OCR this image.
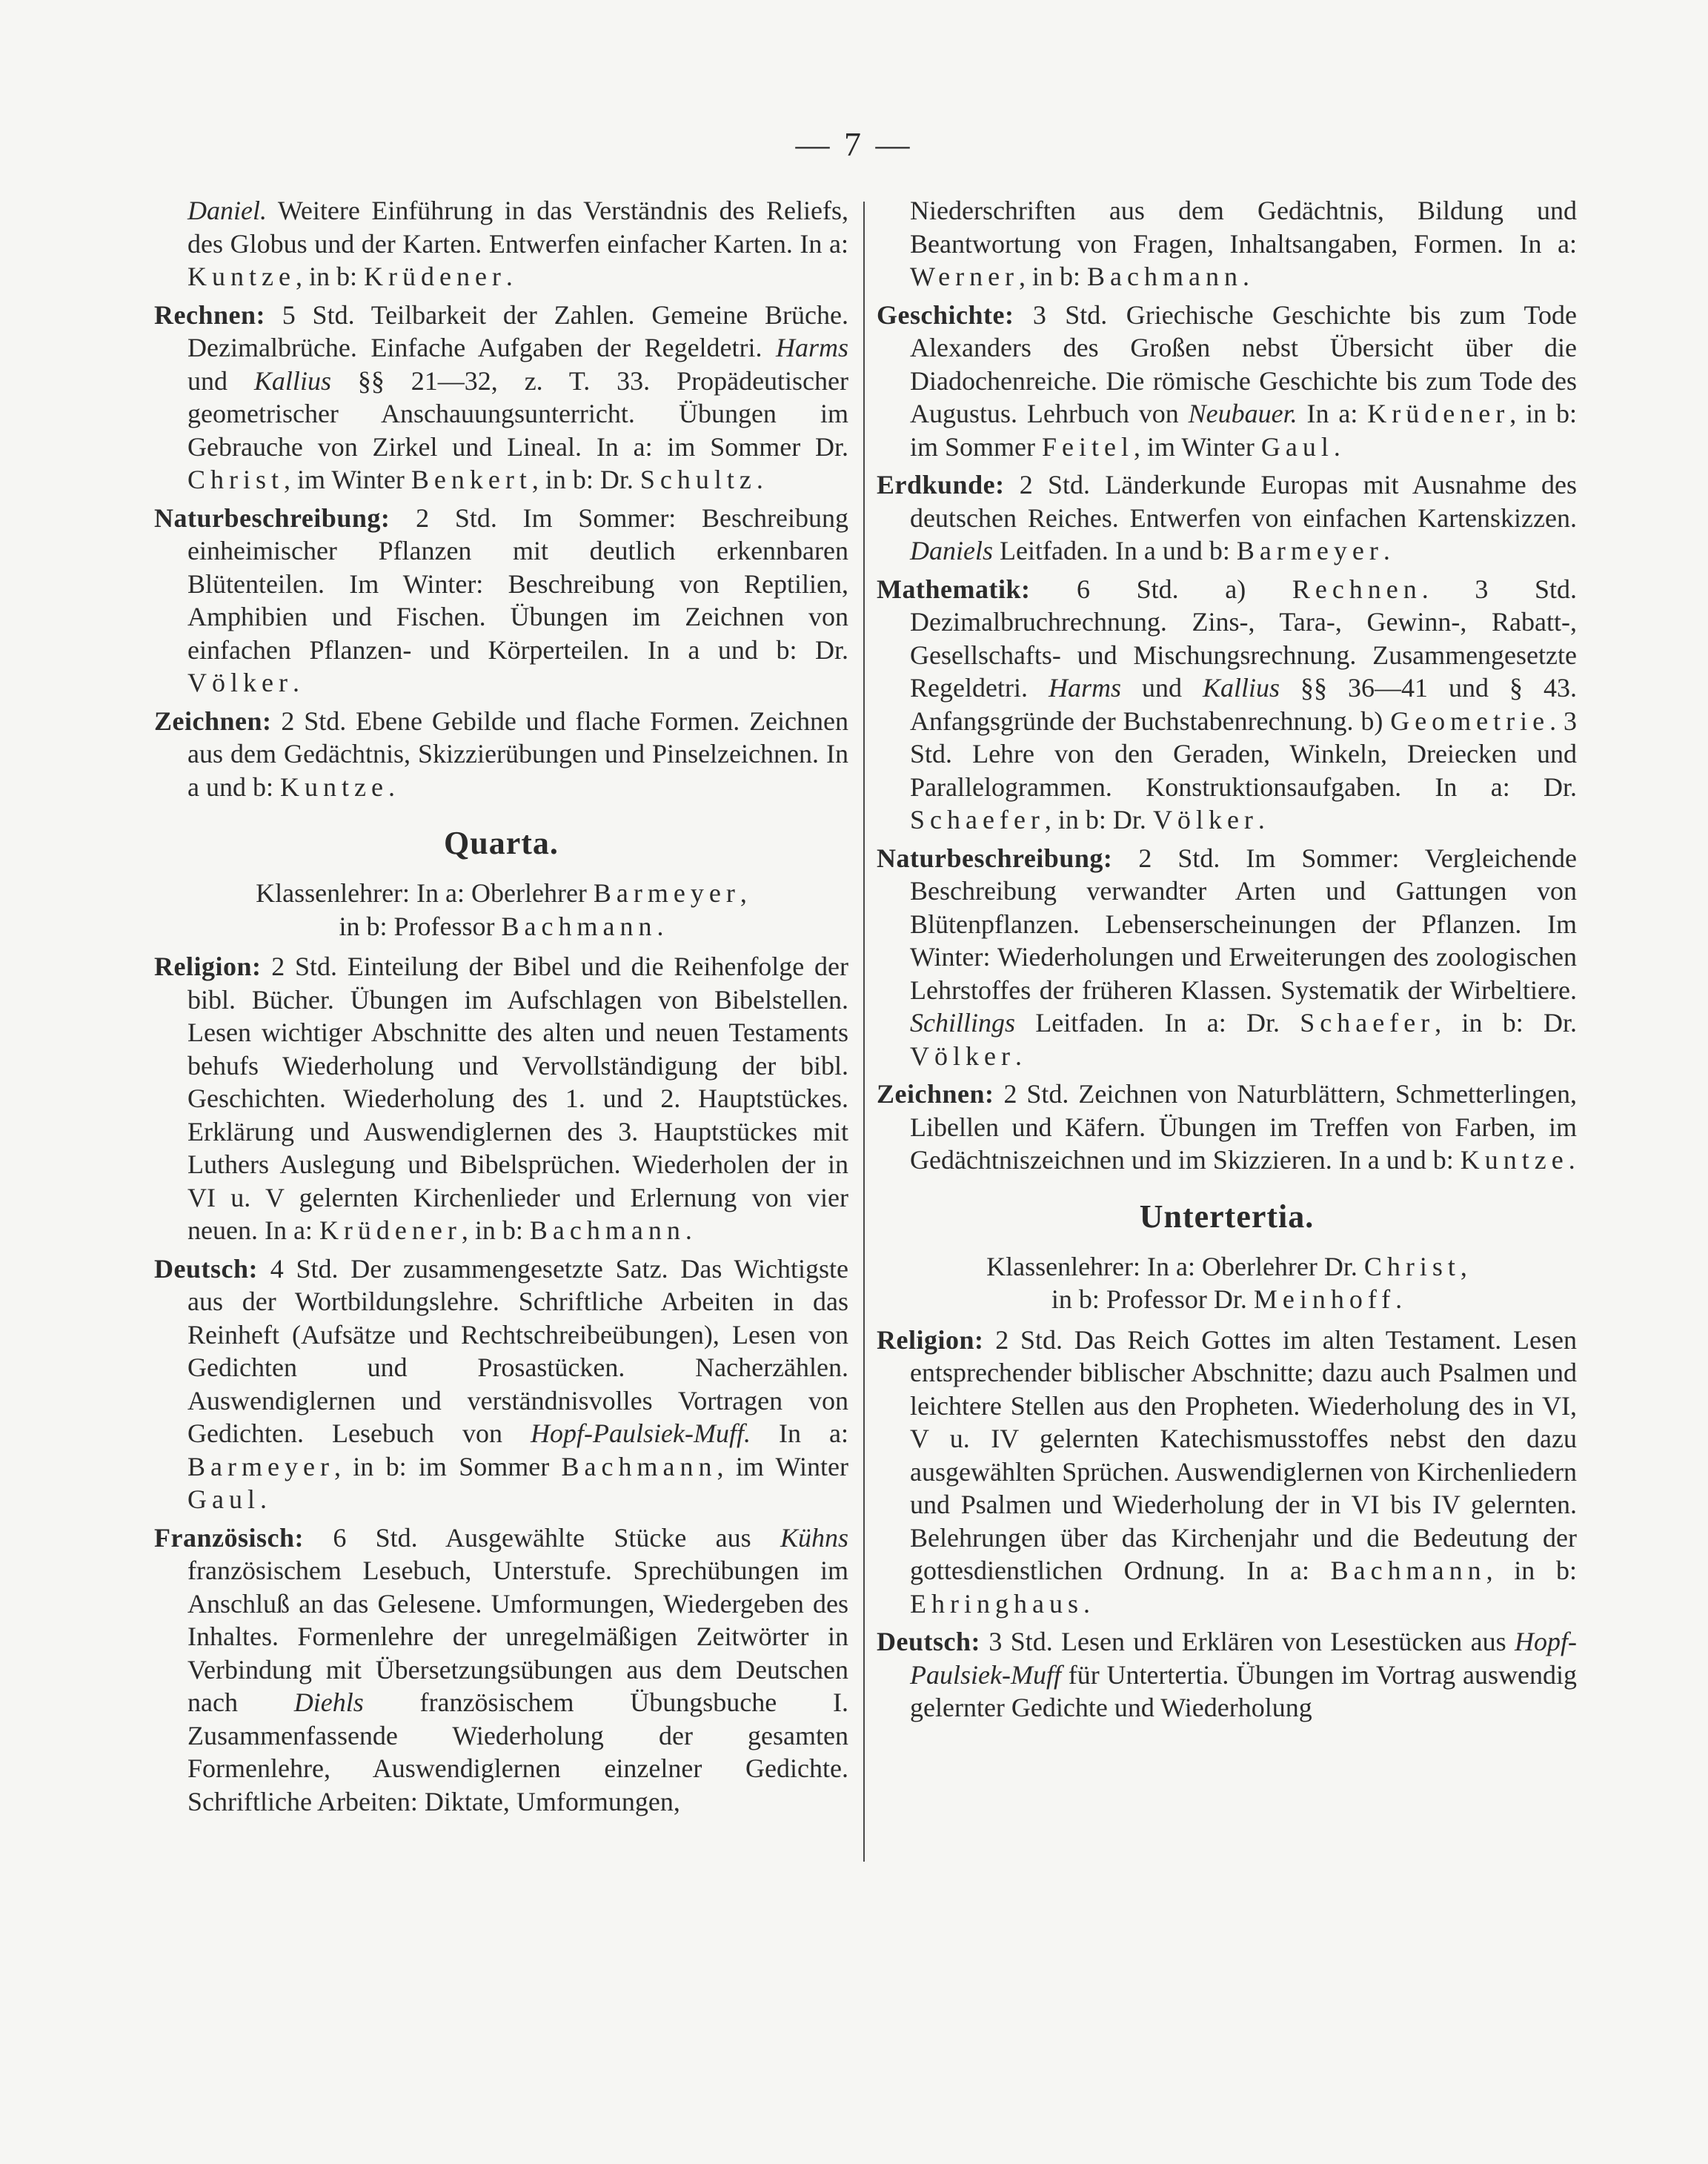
— 7 —

Daniel. Weitere Einführung in das Verständnis des Reliefs, des Globus und der Karten. Entwerfen einfacher Karten. In a: Kuntze, in b: Krüdener.

Rechnen: 5 Std. Teilbarkeit der Zahlen. Gemeine Brüche. Dezimalbrüche. Einfache Aufgaben der Regeldetri. Harms und Kallius §§ 21—32, z. T. 33. Propädeutischer geometrischer Anschauungsunterricht. Übungen im Gebrauche von Zirkel und Lineal. In a: im Sommer Dr. Christ, im Winter Benkert, in b: Dr. Schultz.

Naturbeschreibung: 2 Std. Im Sommer: Beschreibung einheimischer Pflanzen mit deutlich erkennbaren Blütenteilen. Im Winter: Beschreibung von Reptilien, Amphibien und Fischen. Übungen im Zeichnen von einfachen Pflanzen- und Körperteilen. In a und b: Dr. Völker.

Zeichnen: 2 Std. Ebene Gebilde und flache Formen. Zeichnen aus dem Gedächtnis, Skizzierübungen und Pinselzeichnen. In a und b: Kuntze.

Quarta.

Klassenlehrer: In a: Oberlehrer Barmeyer,
in b: Professor Bachmann.

Religion: 2 Std. Einteilung der Bibel und die Reihenfolge der bibl. Bücher. Übungen im Aufschlagen von Bibelstellen. Lesen wichtiger Abschnitte des alten und neuen Testaments behufs Wiederholung und Vervollständigung der bibl. Geschichten. Wiederholung des 1. und 2. Hauptstückes. Erklärung und Auswendiglernen des 3. Hauptstückes mit Luthers Auslegung und Bibelsprüchen. Wiederholen der in VI u. V gelernten Kirchenlieder und Erlernung von vier neuen. In a: Krüdener, in b: Bachmann.

Deutsch: 4 Std. Der zusammengesetzte Satz. Das Wichtigste aus der Wortbildungslehre. Schriftliche Arbeiten in das Reinheft (Aufsätze und Rechtschreibeübungen), Lesen von Gedichten und Prosastücken. Nacherzählen. Auswendiglernen und verständnisvolles Vortragen von Gedichten. Lesebuch von Hopf-Paulsiek-Muff. In a: Barmeyer, in b: im Sommer Bachmann, im Winter Gaul.

Französisch: 6 Std. Ausgewählte Stücke aus Kühns französischem Lesebuch, Unterstufe. Sprechübungen im Anschluß an das Gelesene. Umformungen, Wiedergeben des Inhaltes. Formenlehre der unregelmäßigen Zeitwörter in Verbindung mit Übersetzungsübungen aus dem Deutschen nach Diehls französischem Übungsbuche I. Zusammenfassende Wiederholung der gesamten Formenlehre, Auswendiglernen einzelner Gedichte. Schriftliche Arbeiten: Diktate, Umformungen,

Niederschriften aus dem Gedächtnis, Bildung und Beantwortung von Fragen, Inhaltsangaben, Formen. In a: Werner, in b: Bachmann.

Geschichte: 3 Std. Griechische Geschichte bis zum Tode Alexanders des Großen nebst Übersicht über die Diadochenreiche. Die römische Geschichte bis zum Tode des Augustus. Lehrbuch von Neubauer. In a: Krüdener, in b: im Sommer Feitel, im Winter Gaul.

Erdkunde: 2 Std. Länderkunde Europas mit Ausnahme des deutschen Reiches. Entwerfen von einfachen Kartenskizzen. Daniels Leitfaden. In a und b: Barmeyer.

Mathematik: 6 Std. a) Rechnen. 3 Std. Dezimalbruchrechnung. Zins-, Tara-, Gewinn-, Rabatt-, Gesellschafts- und Mischungsrechnung. Zusammengesetzte Regeldetri. Harms und Kallius §§ 36—41 und § 43. Anfangsgründe der Buchstabenrechnung. b) Geometrie. 3 Std. Lehre von den Geraden, Winkeln, Dreiecken und Parallelogrammen. Konstruktionsaufgaben. In a: Dr. Schaefer, in b: Dr. Völker.

Naturbeschreibung: 2 Std. Im Sommer: Vergleichende Beschreibung verwandter Arten und Gattungen von Blütenpflanzen. Lebenserscheinungen der Pflanzen. Im Winter: Wiederholungen und Erweiterungen des zoologischen Lehrstoffes der früheren Klassen. Systematik der Wirbeltiere. Schillings Leitfaden. In a: Dr. Schaefer, in b: Dr. Völker.

Zeichnen: 2 Std. Zeichnen von Naturblättern, Schmetterlingen, Libellen und Käfern. Übungen im Treffen von Farben, im Gedächtniszeichnen und im Skizzieren. In a und b: Kuntze.

Untertertia.

Klassenlehrer: In a: Oberlehrer Dr. Christ,
in b: Professor Dr. Meinhoff.

Religion: 2 Std. Das Reich Gottes im alten Testament. Lesen entsprechender biblischer Abschnitte; dazu auch Psalmen und leichtere Stellen aus den Propheten. Wiederholung des in VI, V u. IV gelernten Katechismusstoffes nebst den dazu ausgewählten Sprüchen. Auswendiglernen von Kirchenliedern und Psalmen und Wiederholung der in VI bis IV gelernten. Belehrungen über das Kirchenjahr und die Bedeutung der gottesdienstlichen Ordnung. In a: Bachmann, in b: Ehringhaus.

Deutsch: 3 Std. Lesen und Erklären von Lesestücken aus Hopf-Paulsiek-Muff für Untertertia. Übungen im Vortrag auswendig gelernter Gedichte und Wiederholung
